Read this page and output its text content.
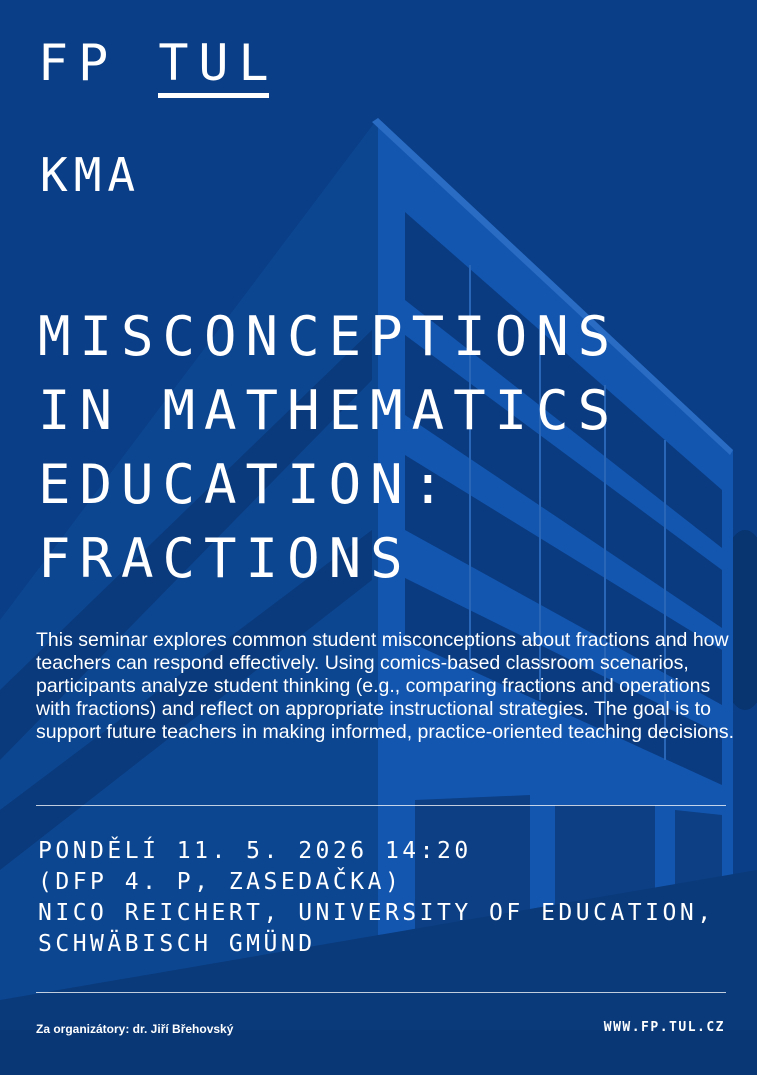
FP TUL
KMA
MISCONCEPTIONS
IN MATHEMATICS
EDUCATION:
FRACTIONS
This seminar explores common student misconceptions about fractions and how teachers can respond effectively. Using comics-based classroom scenarios, participants analyze student thinking (e.g., comparing fractions and operations with fractions) and reflect on appropriate instructional strategies. The goal is to support future teachers in making informed, practice-oriented teaching decisions.
PONDĚLÍ 11. 5. 2026 14:20
(DFP 4. P, ZASEDAČKA)
NICO REICHERT, UNIVERSITY OF EDUCATION,
SCHWÄBISCH GMÜND
Za organizátory: dr. Jiří Břehovský	WWW.FP.TUL.CZ
